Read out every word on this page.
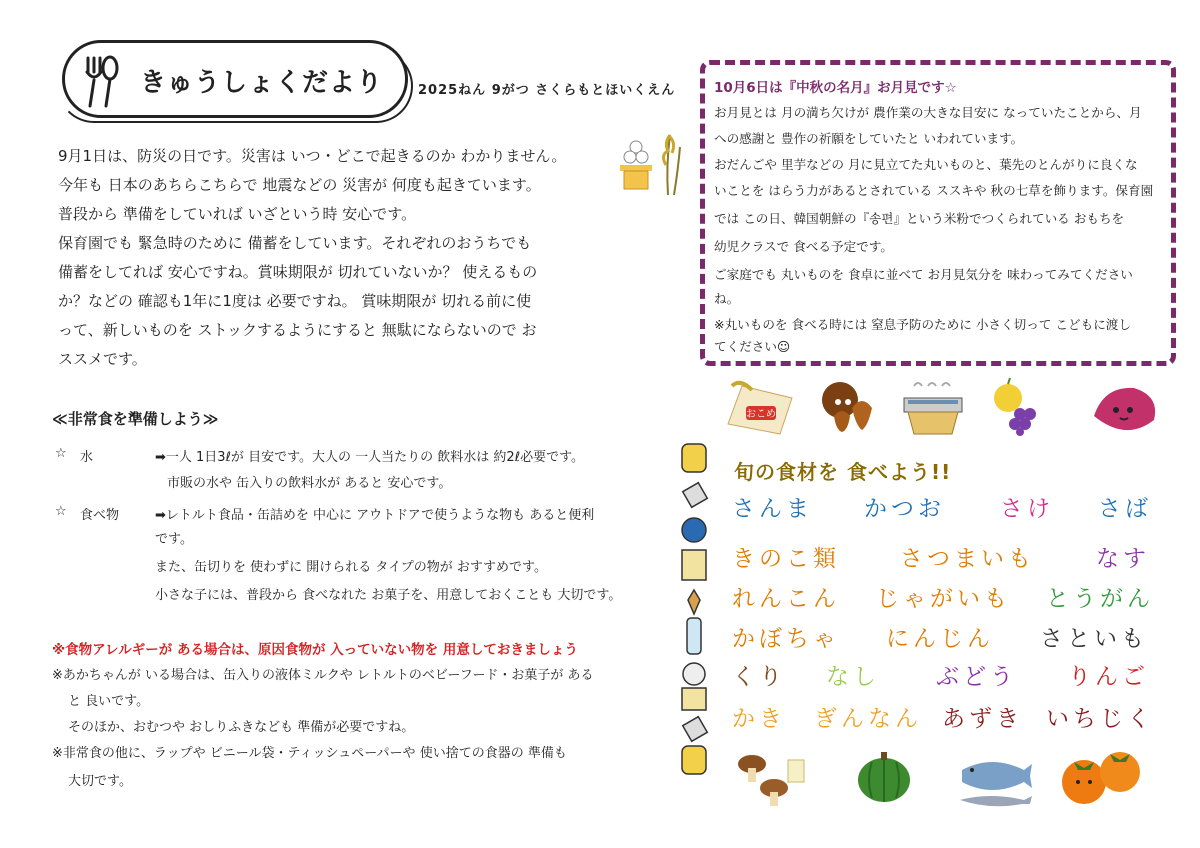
きゅうしょくだより	2025ねん 9がつ さくらもとほいくえん
9月1日は、防災の日です。災害は いつ・どこで起きるのか わかりません。
今年も 日本のあちらこちらで 地震などの 災害が 何度も起きています。
普段から 準備をしていれば いざという時 安心です。
保育園でも 緊急時のために 備蓄をしています。それぞれのおうちでも
備蓄をしてれば 安心ですね。賞味期限が 切れていないか？ 使えるもの
か？などの 確認も1年に1度は 必要ですね。 賞味期限が 切れる前に使
って、新しいものを ストックするようにすると 無駄にならないので お
ススメです。
≪非常食を準備しよう≫
☆ 水	➡一人 1日3ℓが 目安です。大人の 一人当たりの 飲料水は 約2ℓ必要です。
市販の水や 缶入りの飲料水が あると 安心です。
☆ 食べ物	➡レトルト食品・缶詰めを 中心に アウトドアで使うような物も あると便利
です。
また、缶切りを 使わずに 開けられる タイプの物が おすすめです。
小さな子には、普段から 食べなれた お菓子を、用意しておくことも 大切です。
※食物アレルギーが ある場合は、原因食物が 入っていない物を 用意しておきましょう
※あかちゃんが いる場合は、缶入りの液体ミルクや レトルトのベビーフード・お菓子が ある
と 良いです。
そのほか、おむつや おしりふきなども 準備が必要ですね。
※非常食の他に、ラップや ビニール袋・ティッシュペーパーや 使い捨ての食器の 準備も
大切です。
10月6日は『中秋の名月』お月見です☆
お月見とは 月の満ち欠けが 農作業の大きな目安に なっていたことから、月
への感謝と 豊作の祈願をしていたと いわれています。
おだんごや 里芋などの 月に見立てた丸いものと、葉先のとんがりに良くな
いことを はらう力があるとされている ススキや 秋の七草を飾ります。保育園
では この日、韓国朝鮮の『송편』という米粉でつくられている おもちを
幼児クラスで 食べる予定です。
ご家庭でも 丸いものを 食卓に並べて お月見気分を 味わってみてください
ね。
※丸いものを 食べる時には 窒息予防のために 小さく切って こどもに渡し
てください☺
おこめ
旬の食材を 食べよう!!
さんま かつお さけ さば
きのこ類	さつまいも	なす
れんこん じゃがいも とうがん
かぼちゃ にんじん さといも
くり なし ぶどう りんご
かき ぎんなん あずき いちじく
